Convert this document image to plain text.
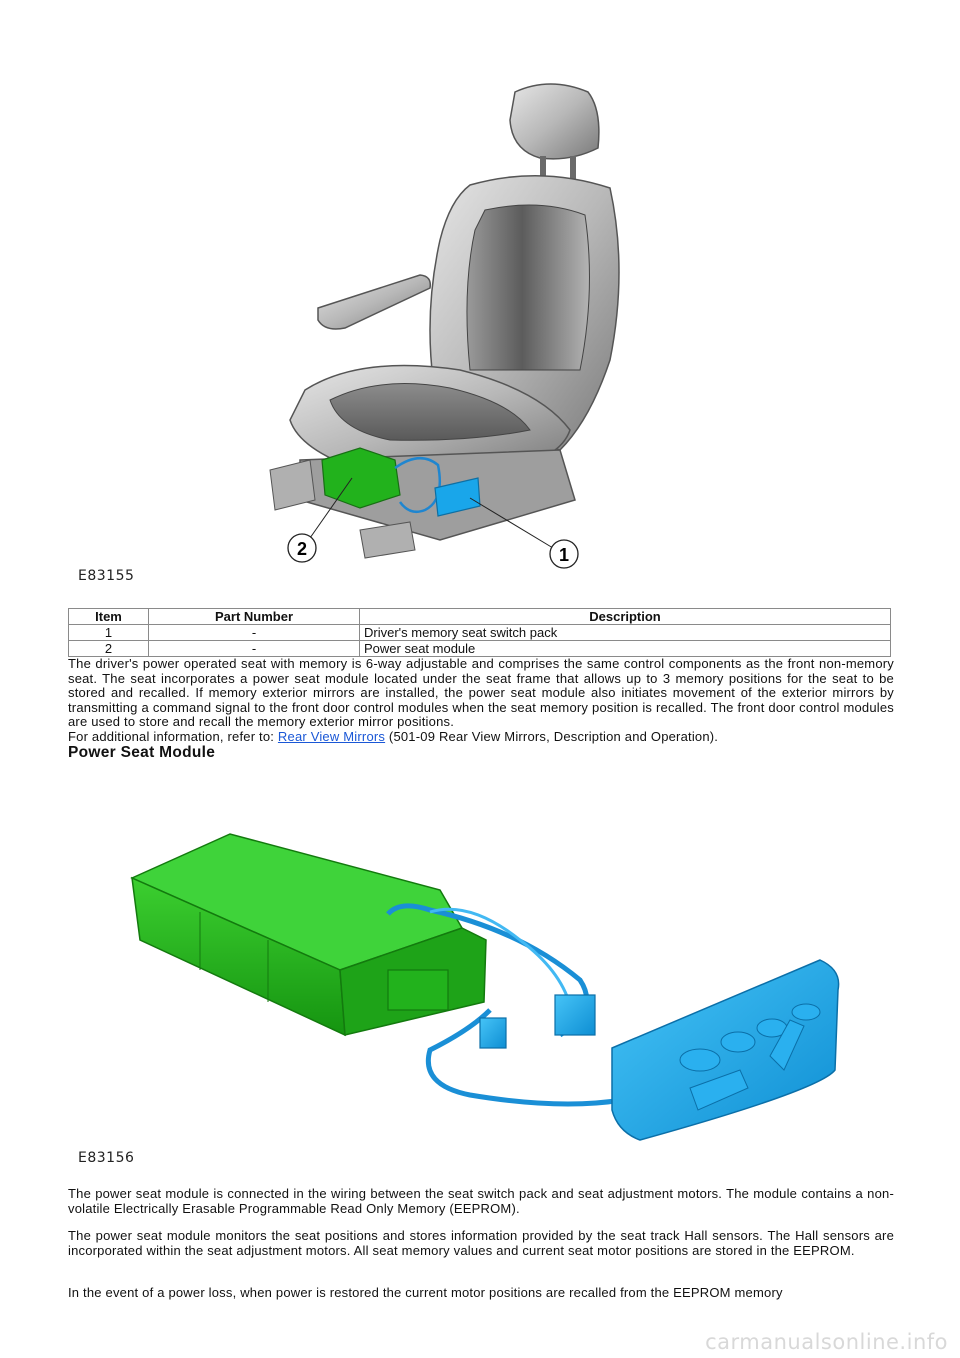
2	1
E83155
Item	Part Number	Description
1	-	Driver's memory seat switch pack
2	-	Power seat module
The driver's power operated seat with memory is 6-way adjustable and comprises the same control components as the front non-memory seat. The seat incorporates a power seat module located under the seat frame that allows up to 3 memory positions for the seat to be stored and recalled. If memory exterior mirrors are installed, the power seat module also initiates movement of the exterior mirrors by transmitting a command signal to the front door control modules when the seat memory position is recalled. The front door control modules are used to store and recall the memory exterior mirror positions.
For additional information, refer to: Rear View Mirrors (501-09 Rear View Mirrors, Description and Operation).
Power Seat Module
E83156
The power seat module is connected in the wiring between the seat switch pack and seat adjustment motors. The module contains a non-volatile Electrically Erasable Programmable Read Only Memory (EEPROM).
The power seat module monitors the seat positions and stores information provided by the seat track Hall sensors. The Hall sensors are incorporated within the seat adjustment motors. All seat memory values and current seat motor positions are stored in the EEPROM.
In the event of a power loss, when power is restored the current motor positions are recalled from the EEPROM memory
carmanualsonline.info
